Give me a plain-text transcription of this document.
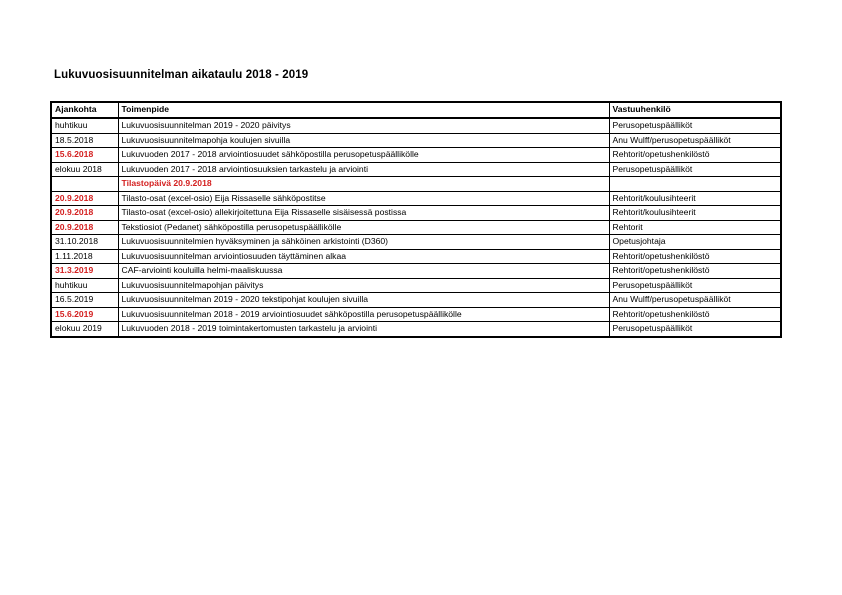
Lukuvuosisuunnitelman aikataulu 2018 - 2019
Ajankohta	Toimenpide	Vastuuhenkilö
huhtikuu	Lukuvuosisuunnitelman 2019 - 2020 päivitys	Perusopetuspäälliköt
18.5.2018	Lukuvuosisuunnitelmapohja koulujen sivuilla	Anu Wulff/perusopetuspäälliköt
15.6.2018	Lukuvuoden 2017 - 2018 arviointiosuudet sähköpostilla perusopetuspäällikölle	Rehtorit/opetushenkilöstö
elokuu 2018	Lukuvuoden 2017 - 2018 arviointiosuuksien tarkastelu ja arviointi	Perusopetuspäälliköt
	Tilastopäivä 20.9.2018	
20.9.2018	Tilasto-osat (excel-osio) Eija Rissaselle sähköpostitse	Rehtorit/koulusihteerit
20.9.2018	Tilasto-osat (excel-osio) allekirjoitettuna Eija Rissaselle sisäisessä postissa	Rehtorit/koulusihteerit
20.9.2018	Tekstiosiot (Pedanet) sähköpostilla perusopetuspäällikölle	Rehtorit
31.10.2018	Lukuvuosisuunnitelmien hyväksyminen ja sähköinen arkistointi (D360)	Opetusjohtaja
1.11.2018	Lukuvuosisuunnitelman arviointiosuuden täyttäminen alkaa	Rehtorit/opetushenkilöstö
31.3.2019	CAF-arviointi kouluilla helmi-maaliskuussa	Rehtorit/opetushenkilöstö
huhtikuu	Lukuvuosisuunnitelmapohjan päivitys	Perusopetuspäälliköt
16.5.2019	Lukuvuosisuunnitelman 2019 - 2020 tekstipohjat koulujen sivuilla	Anu Wulff/perusopetuspäälliköt
15.6.2019	Lukuvuosisuunnitelman 2018 - 2019 arviointiosuudet sähköpostilla perusopetuspäällikölle	Rehtorit/opetushenkilöstö
elokuu 2019	Lukuvuoden 2018 - 2019 toimintakertomusten tarkastelu ja arviointi	Perusopetuspäälliköt
